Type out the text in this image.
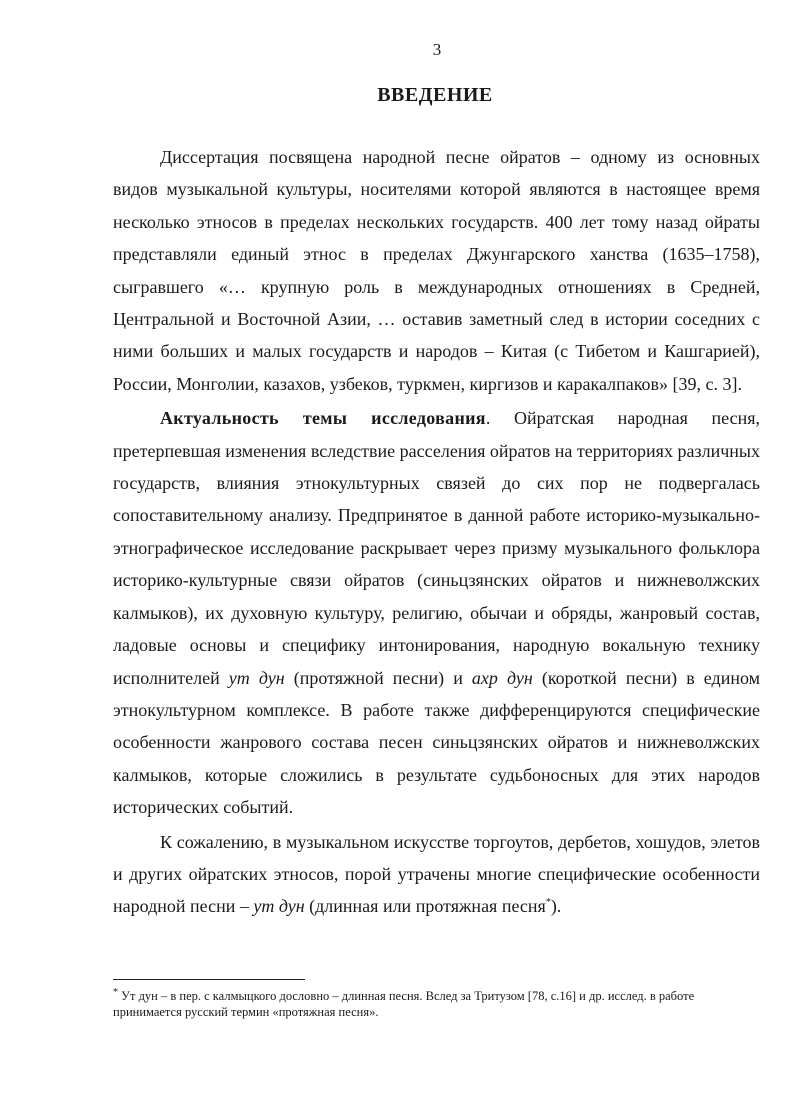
3
ВВЕДЕНИЕ

Диссертация посвящена народной песне ойратов – одному из основных видов музыкальной культуры, носителями которой являются в настоящее время несколько этносов в пределах нескольких государств. 400 лет тому назад ойраты представляли единый этнос в пределах Джунгарского ханства (1635–1758), сыгравшего «… крупную роль в международных отношениях в Средней, Центральной и Восточной Азии, … оставив заметный след в истории соседних с ними больших и малых государств и народов – Китая (с Тибетом и Кашгарией), России, Монголии, казахов, узбеков, туркмен, киргизов и каракалпаков» [39, с. 3].

Актуальность темы исследования. Ойратская народная песня, претерпевшая изменения вследствие расселения ойратов на территориях различных государств, влияния этнокультурных связей до сих пор не подвергалась сопоставительному анализу. Предпринятое в данной работе историко-музыкально-этнографическое исследование раскрывает через призму музыкального фольклора историко-культурные связи ойратов (синьцзянских ойратов и нижневолжских калмыков), их духовную культуру, религию, обычаи и обряды, жанровый состав, ладовые основы и специфику интонирования, народную вокальную технику исполнителей ут дун (протяжной песни) и ахр дун (короткой песни) в едином этнокультурном комплексе. В работе также дифференцируются специфические особенности жанрового состава песен синьцзянских ойратов и нижневолжских калмыков, которые сложились в результате судьбоносных для этих народов исторических событий.

К сожалению, в музыкальном искусстве торгоутов, дербетов, хошудов, элетов и других ойратских этносов, порой утрачены многие специфические особенности народной песни – ут дун (длинная или протяжная песня*).

* Ут дун – в пер. с калмыцкого дословно – длинная песня. Вслед за Тритузом [78, с.16] и др. исслед. в работе принимается русский термин «протяжная песня».
